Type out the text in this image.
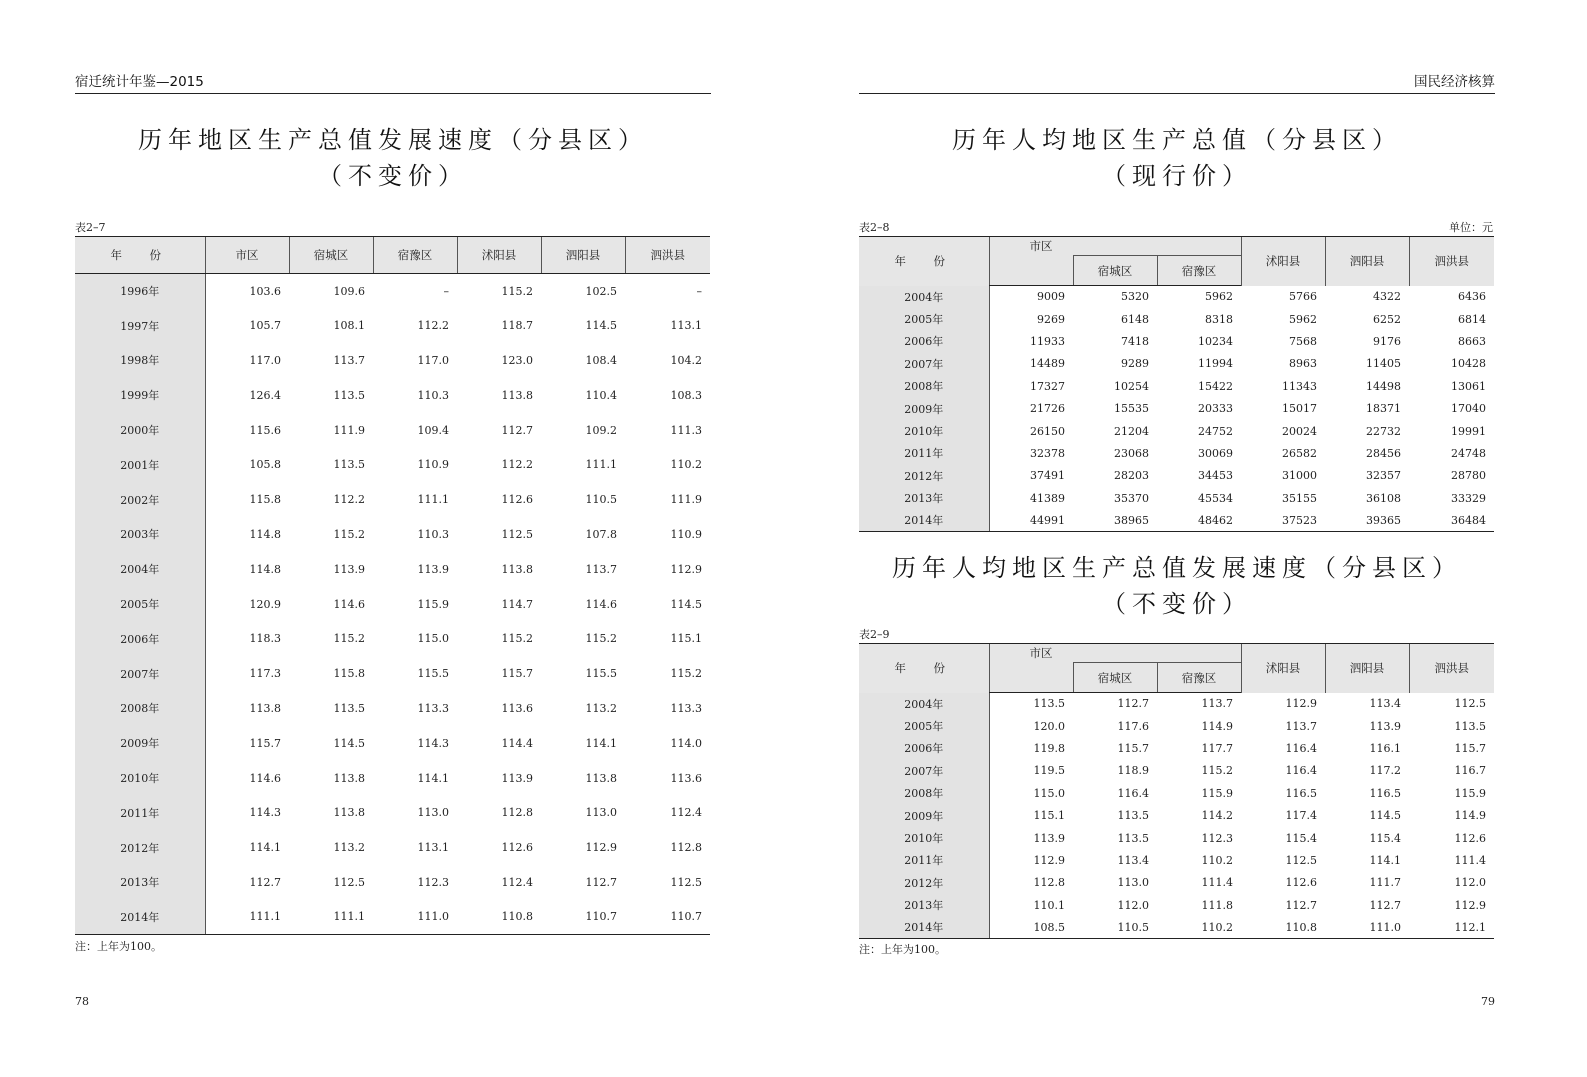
宿迁统计年鉴—2015
历年地区生产总值发展速度（分县区）
（不变价）
表2–7
年　份	市区	宿城区	宿豫区	沭阳县	泗阳县	泗洪县
1996年	103.6	109.6	–	115.2	102.5	–
1997年	105.7	108.1	112.2	118.7	114.5	113.1
1998年	117.0	113.7	117.0	123.0	108.4	104.2
1999年	126.4	113.5	110.3	113.8	110.4	108.3
2000年	115.6	111.9	109.4	112.7	109.2	111.3
2001年	105.8	113.5	110.9	112.2	111.1	110.2
2002年	115.8	112.2	111.1	112.6	110.5	111.9
2003年	114.8	115.2	110.3	112.5	107.8	110.9
2004年	114.8	113.9	113.9	113.8	113.7	112.9
2005年	120.9	114.6	115.9	114.7	114.6	114.5
2006年	118.3	115.2	115.0	115.2	115.2	115.1
2007年	117.3	115.8	115.5	115.7	115.5	115.2
2008年	113.8	113.5	113.3	113.6	113.2	113.3
2009年	115.7	114.5	114.3	114.4	114.1	114.0
2010年	114.6	113.8	114.1	113.9	113.8	113.6
2011年	114.3	113.8	113.0	112.8	113.0	112.4
2012年	114.1	113.2	113.1	112.6	112.9	112.8
2013年	112.7	112.5	112.3	112.4	112.7	112.5
2014年	111.1	111.1	111.0	110.8	110.7	110.7
注：上年为100。
78
国民经济核算
历年人均地区生产总值（分县区）
（现行价）
表2–8	单位：元
年　份	市区			沭阳县	泗阳县	泗洪县
		宿城区	宿豫区			
2004年	9009	5320	5962	5766	4322	6436
2005年	9269	6148	8318	5962	6252	6814
2006年	11933	7418	10234	7568	9176	8663
2007年	14489	9289	11994	8963	11405	10428
2008年	17327	10254	15422	11343	14498	13061
2009年	21726	15535	20333	15017	18371	17040
2010年	26150	21204	24752	20024	22732	19991
2011年	32378	23068	30069	26582	28456	24748
2012年	37491	28203	34453	31000	32357	28780
2013年	41389	35370	45534	35155	36108	33329
2014年	44991	38965	48462	37523	39365	36484
历年人均地区生产总值发展速度（分县区）
（不变价）
表2–9
年　份	市区			沭阳县	泗阳县	泗洪县
		宿城区	宿豫区			
2004年	113.5	112.7	113.7	112.9	113.4	112.5
2005年	120.0	117.6	114.9	113.7	113.9	113.5
2006年	119.8	115.7	117.7	116.4	116.1	115.7
2007年	119.5	118.9	115.2	116.4	117.2	116.7
2008年	115.0	116.4	115.9	116.5	116.5	115.9
2009年	115.1	113.5	114.2	117.4	114.5	114.9
2010年	113.9	113.5	112.3	115.4	115.4	112.6
2011年	112.9	113.4	110.2	112.5	114.1	111.4
2012年	112.8	113.0	111.4	112.6	111.7	112.0
2013年	110.1	112.0	111.8	112.7	112.7	112.9
2014年	108.5	110.5	110.2	110.8	111.0	112.1
注：上年为100。
79
